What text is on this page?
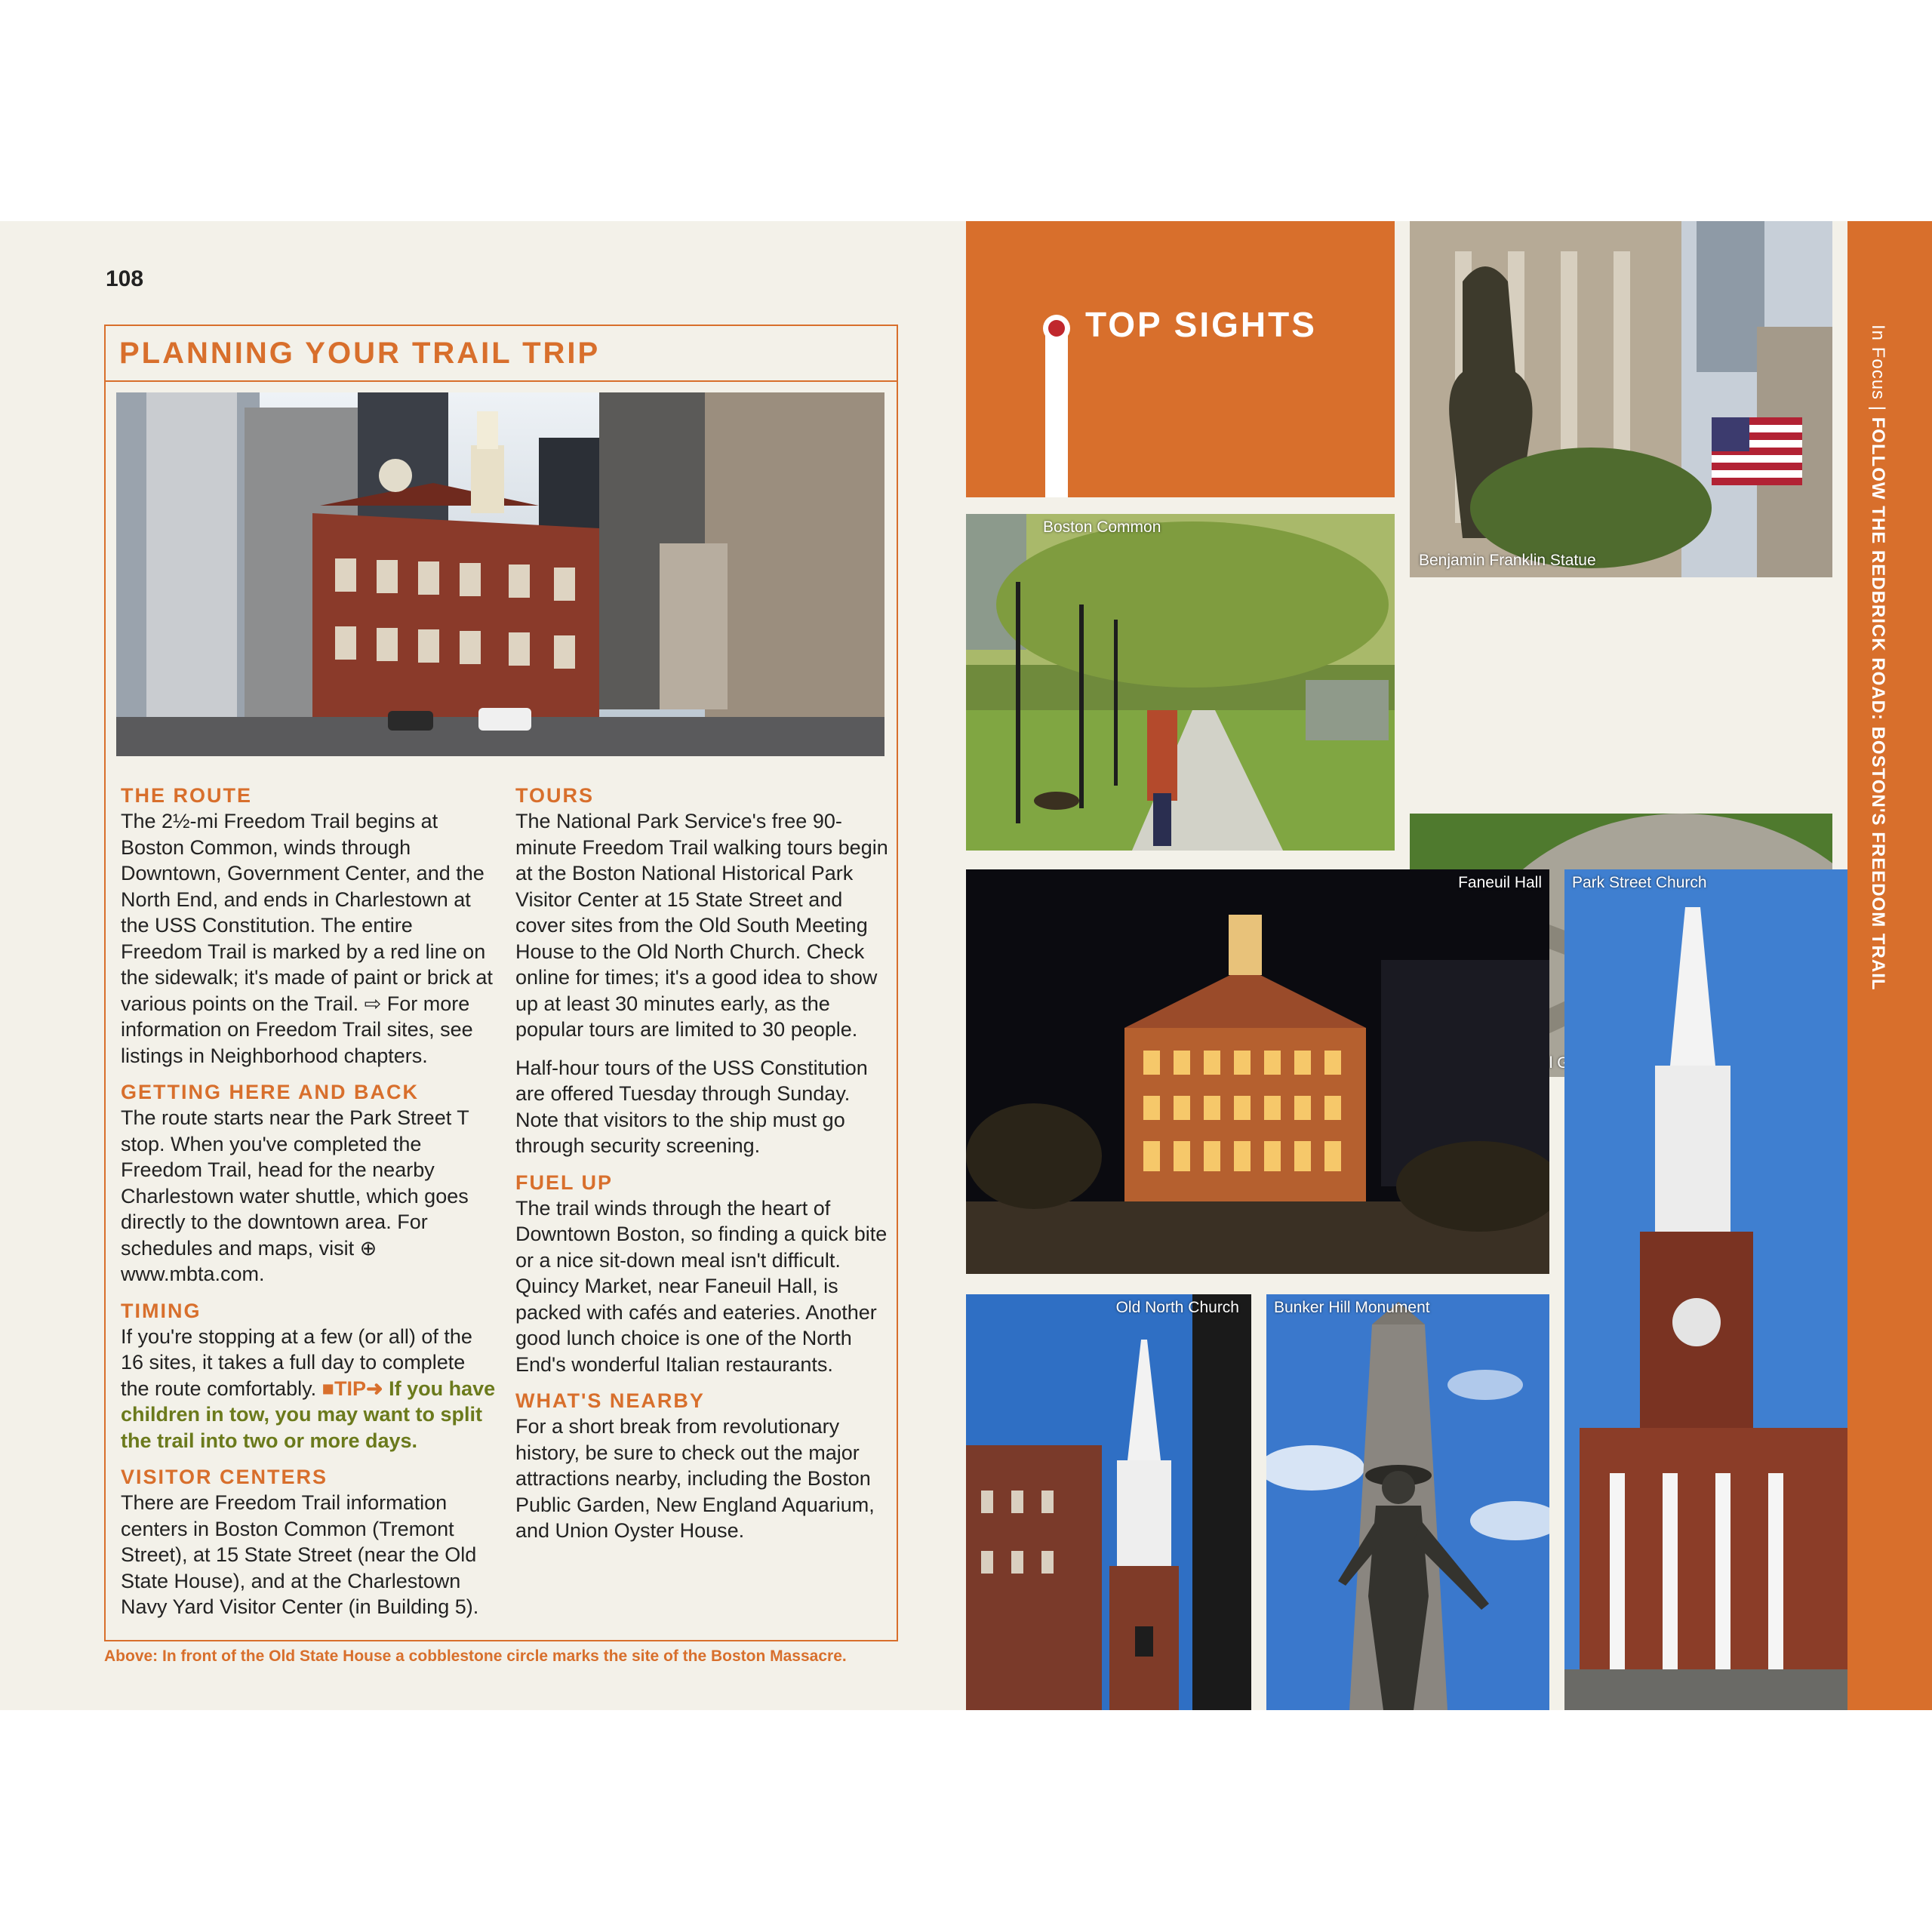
108
PLANNING YOUR TRAIL TRIP
THE ROUTE

The 2½-mi Freedom Trail begins at Boston Common, winds through Downtown, Government Center, and the North End, and ends in Charlestown at the USS Constitution. The entire Freedom Trail is marked by a red line on the sidewalk; it's made of paint or brick at various points on the Trail. ⇨ For more information on Freedom Trail sites, see listings in Neighborhood chapters.

GETTING HERE AND BACK

The route starts near the Park Street T stop. When you've completed the Freedom Trail, head for the nearby Charlestown water shuttle, which goes directly to the downtown area. For schedules and maps, visit ⊕ www.mbta.com.

TIMING

If you're stopping at a few (or all) of the 16 sites, it takes a full day to complete the route comfortably. ■TIP➜ If you have children in tow, you may want to split the trail into two or more days.

VISITOR CENTERS

There are Freedom Trail information centers in Boston Common (Tremont Street), at 15 State Street (near the Old State House), and at the Charlestown Navy Yard Visitor Center (in Building 5).

TOURS

The National Park Service's free 90-minute Freedom Trail walking tours begin at the Boston National Historical Park Visitor Center at 15 State Street and cover sites from the Old South Meeting House to the Old North Church. Check online for times; it's a good idea to show up at least 30 minutes early, as the popular tours are limited to 30 people.

Half-hour tours of the USS Constitution are offered Tuesday through Sunday. Note that visitors to the ship must go through security screening.

FUEL UP

The trail winds through the heart of Downtown Boston, so finding a quick bite or a nice sit-down meal isn't difficult. Quincy Market, near Faneuil Hall, is packed with cafés and eateries. Another good lunch choice is one of the North End's wonderful Italian restaurants.

WHAT'S NEARBY

For a short break from revolutionary history, be sure to check out the major attractions nearby, including the Boston Public Garden, New England Aquarium, and Union Oyster House.

Above: In front of the Old State House a cobblestone circle marks the site of the Boston Massacre.
TOP SIGHTS
Benjamin Franklin Statue
Boston Common
Faneuil Hall Park Street Church
Old North Church Bunker Hill Monument
In Focus | FOLLOW THE REDBRICK ROAD: BOSTON'S FREEDOM TRAIL
